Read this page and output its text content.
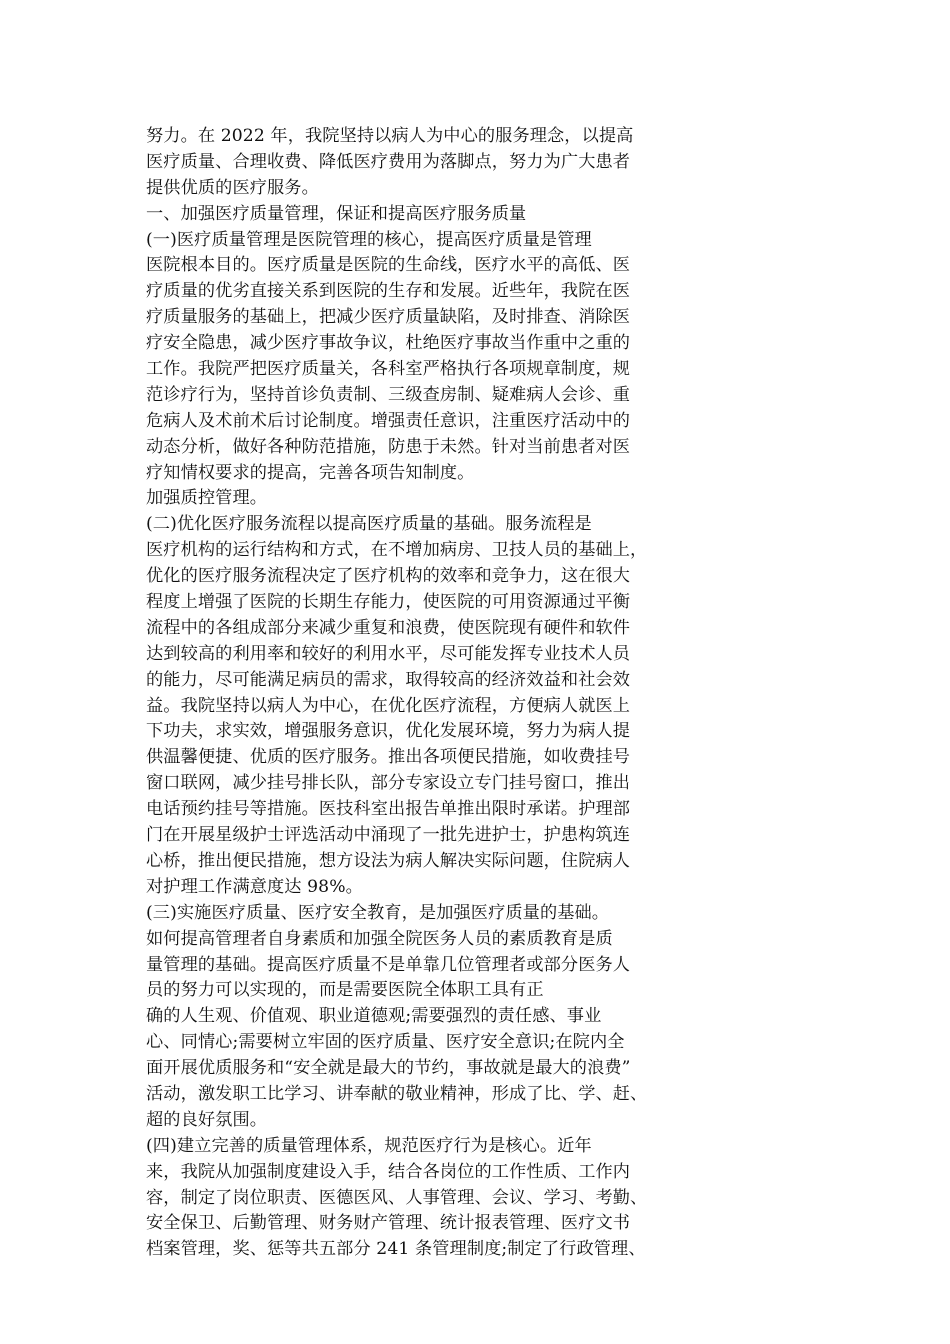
努力。在 2022 年，我院坚持以病人为中心的服务理念，以提高
医疗质量、合理收费、降低医疗费用为落脚点，努力为广大患者
提供优质的医疗服务。
一、加强医疗质量管理，保证和提高医疗服务质量
(一)医疗质量管理是医院管理的核心，提高医疗质量是管理
医院根本目的。医疗质量是医院的生命线，医疗水平的高低、医
疗质量的优劣直接关系到医院的生存和发展。近些年，我院在医
疗质量服务的基础上，把减少医疗质量缺陷，及时排查、消除医
疗安全隐患，减少医疗事故争议，杜绝医疗事故当作重中之重的
工作。我院严把医疗质量关，各科室严格执行各项规章制度，规
范诊疗行为，坚持首诊负责制、三级查房制、疑难病人会诊、重
危病人及术前术后讨论制度。增强责任意识，注重医疗活动中的
动态分析，做好各种防范措施，防患于未然。针对当前患者对医
疗知情权要求的提高，完善各项告知制度。
加强质控管理。
(二)优化医疗服务流程以提高医疗质量的基础。服务流程是
医疗机构的运行结构和方式，在不增加病房、卫技人员的基础上，
优化的医疗服务流程决定了医疗机构的效率和竞争力，这在很大
程度上增强了医院的长期生存能力，使医院的可用资源通过平衡
流程中的各组成部分来减少重复和浪费，使医院现有硬件和软件
达到较高的利用率和较好的利用水平，尽可能发挥专业技术人员
的能力，尽可能满足病员的需求，取得较高的经济效益和社会效
益。我院坚持以病人为中心，在优化医疗流程，方便病人就医上
下功夫，求实效，增强服务意识，优化发展环境，努力为病人提
供温馨便捷、优质的医疗服务。推出各项便民措施，如收费挂号
窗口联网，减少挂号排长队，部分专家设立专门挂号窗口，推出
电话预约挂号等措施。医技科室出报告单推出限时承诺。护理部
门在开展星级护士评选活动中涌现了一批先进护士，护患构筑连
心桥，推出便民措施，想方设法为病人解决实际问题，住院病人
对护理工作满意度达 98%。
(三)实施医疗质量、医疗安全教育，是加强医疗质量的基础。
如何提高管理者自身素质和加强全院医务人员的素质教育是质
量管理的基础。提高医疗质量不是单靠几位管理者或部分医务人
员的努力可以实现的，而是需要医院全体职工具有正
确的人生观、价值观、职业道德观;需要强烈的责任感、事业
心、同情心;需要树立牢固的医疗质量、医疗安全意识;在院内全
面开展优质服务和“安全就是最大的节约，事故就是最大的浪费”
活动，激发职工比学习、讲奉献的敬业精神，形成了比、学、赶、
超的良好氛围。
(四)建立完善的质量管理体系，规范医疗行为是核心。近年
来，我院从加强制度建设入手，结合各岗位的工作性质、工作内
容，制定了岗位职责、医德医风、人事管理、会议、学习、考勤、
安全保卫、后勤管理、财务财产管理、统计报表管理、医疗文书
档案管理，奖、惩等共五部分 241 条管理制度;制定了行政管理、
